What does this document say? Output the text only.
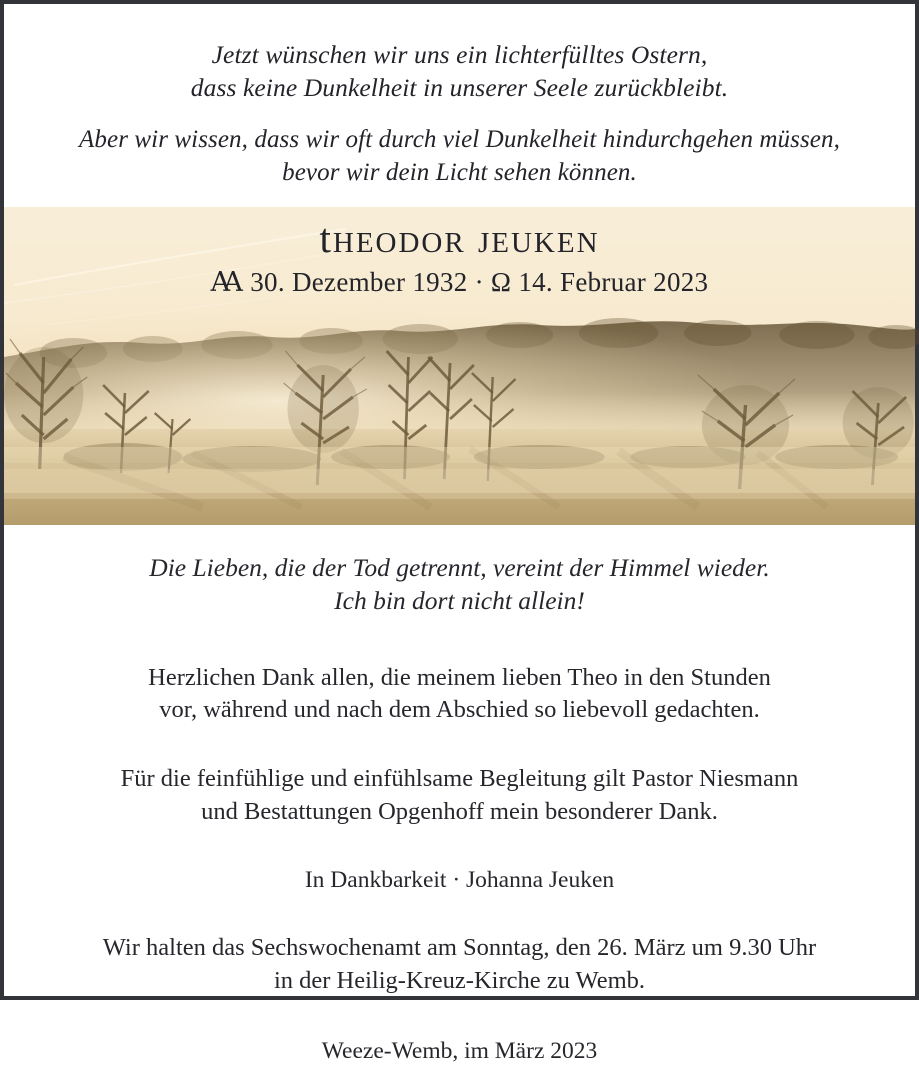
Jetzt wünschen wir uns ein lichterfülltes Ostern,
dass keine Dunkelheit in unserer Seele zurückbleibt.
Aber wir wissen, dass wir oft durch viel Dunkelheit hindurchgehen müssen,
bevor wir dein Licht sehen können.
theodor jeuken
Ꜳ 30. Dezember 1932 · Ω 14. Februar 2023
Die Lieben, die der Tod getrennt, vereint der Himmel wieder.
Ich bin dort nicht allein!
Herzlichen Dank allen, die meinem lieben Theo in den Stunden
vor, während und nach dem Abschied so liebevoll gedachten.
Für die feinfühlige und einfühlsame Begleitung gilt Pastor Niesmann
und Bestattungen Opgenhoff mein besonderer Dank.
In Dankbarkeit · Johanna Jeuken
Wir halten das Sechswochenamt am Sonntag, den 26. März um 9.30 Uhr
in der Heilig-Kreuz-Kirche zu Wemb.
Weeze-Wemb, im März 2023
